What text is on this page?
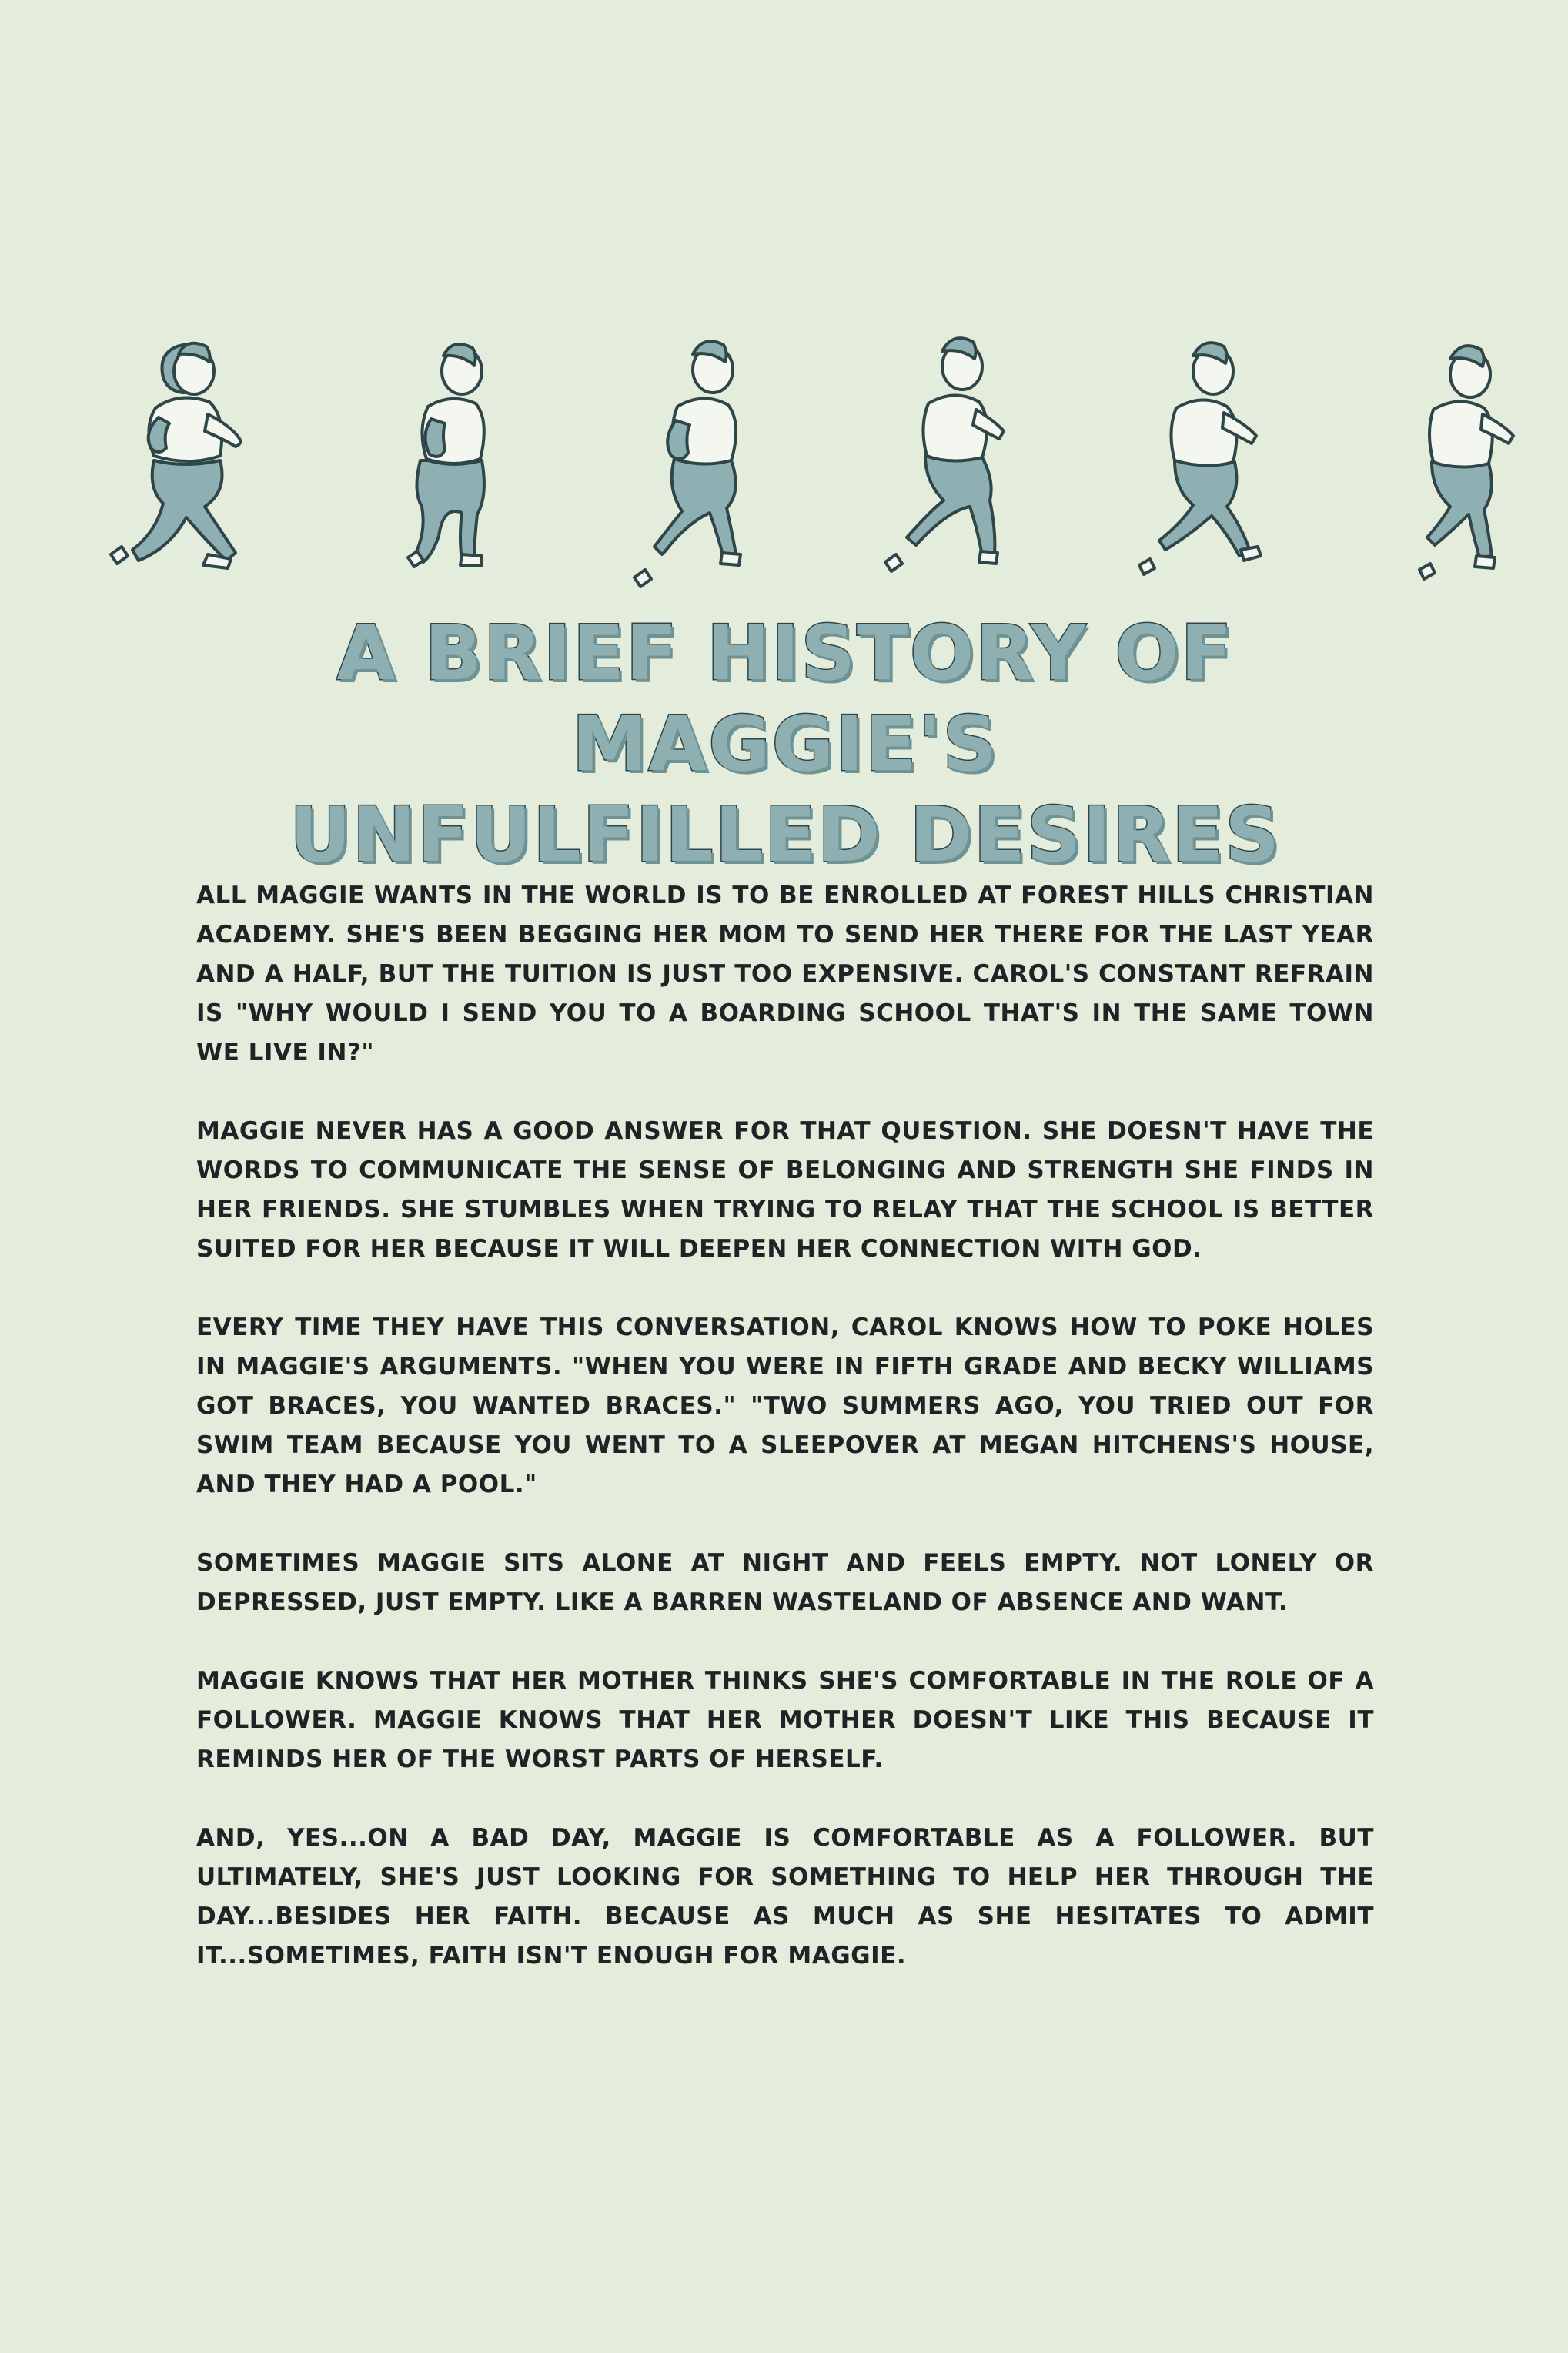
A BRIEF HISTORY OF MAGGIE'S
UNFULFILLED DESIRES

ALL MAGGIE WANTS IN THE WORLD IS TO BE ENROLLED AT FOREST HILLS CHRISTIAN ACADEMY. SHE'S BEEN BEGGING HER MOM TO SEND HER THERE FOR THE LAST YEAR AND A HALF, BUT THE TUITION IS JUST TOO EXPENSIVE. CAROL'S CONSTANT REFRAIN IS "WHY WOULD I SEND YOU TO A BOARDING SCHOOL THAT'S IN THE SAME TOWN WE LIVE IN?"

MAGGIE NEVER HAS A GOOD ANSWER FOR THAT QUESTION. SHE DOESN'T HAVE THE WORDS TO COMMUNICATE THE SENSE OF BELONGING AND STRENGTH SHE FINDS IN HER FRIENDS. SHE STUMBLES WHEN TRYING TO RELAY THAT THE SCHOOL IS BETTER SUITED FOR HER BECAUSE IT WILL DEEPEN HER CONNECTION WITH GOD.

EVERY TIME THEY HAVE THIS CONVERSATION, CAROL KNOWS HOW TO POKE HOLES IN MAGGIE'S ARGUMENTS. "WHEN YOU WERE IN FIFTH GRADE AND BECKY WILLIAMS GOT BRACES, YOU WANTED BRACES." "TWO SUMMERS AGO, YOU TRIED OUT FOR SWIM TEAM BECAUSE YOU WENT TO A SLEEPOVER AT MEGAN HITCHENS'S HOUSE, AND THEY HAD A POOL."

SOMETIMES MAGGIE SITS ALONE AT NIGHT AND FEELS EMPTY. NOT LONELY OR DEPRESSED, JUST EMPTY. LIKE A BARREN WASTELAND OF ABSENCE AND WANT.

MAGGIE KNOWS THAT HER MOTHER THINKS SHE'S COMFORTABLE IN THE ROLE OF A FOLLOWER. MAGGIE KNOWS THAT HER MOTHER DOESN'T LIKE THIS BECAUSE IT REMINDS HER OF THE WORST PARTS OF HERSELF.

AND, YES...ON A BAD DAY, MAGGIE IS COMFORTABLE AS A FOLLOWER. BUT ULTIMATELY, SHE'S JUST LOOKING FOR SOMETHING TO HELP HER THROUGH THE DAY...BESIDES HER FAITH. BECAUSE AS MUCH AS SHE HESITATES TO ADMIT IT...SOMETIMES, FAITH ISN'T ENOUGH FOR MAGGIE.
